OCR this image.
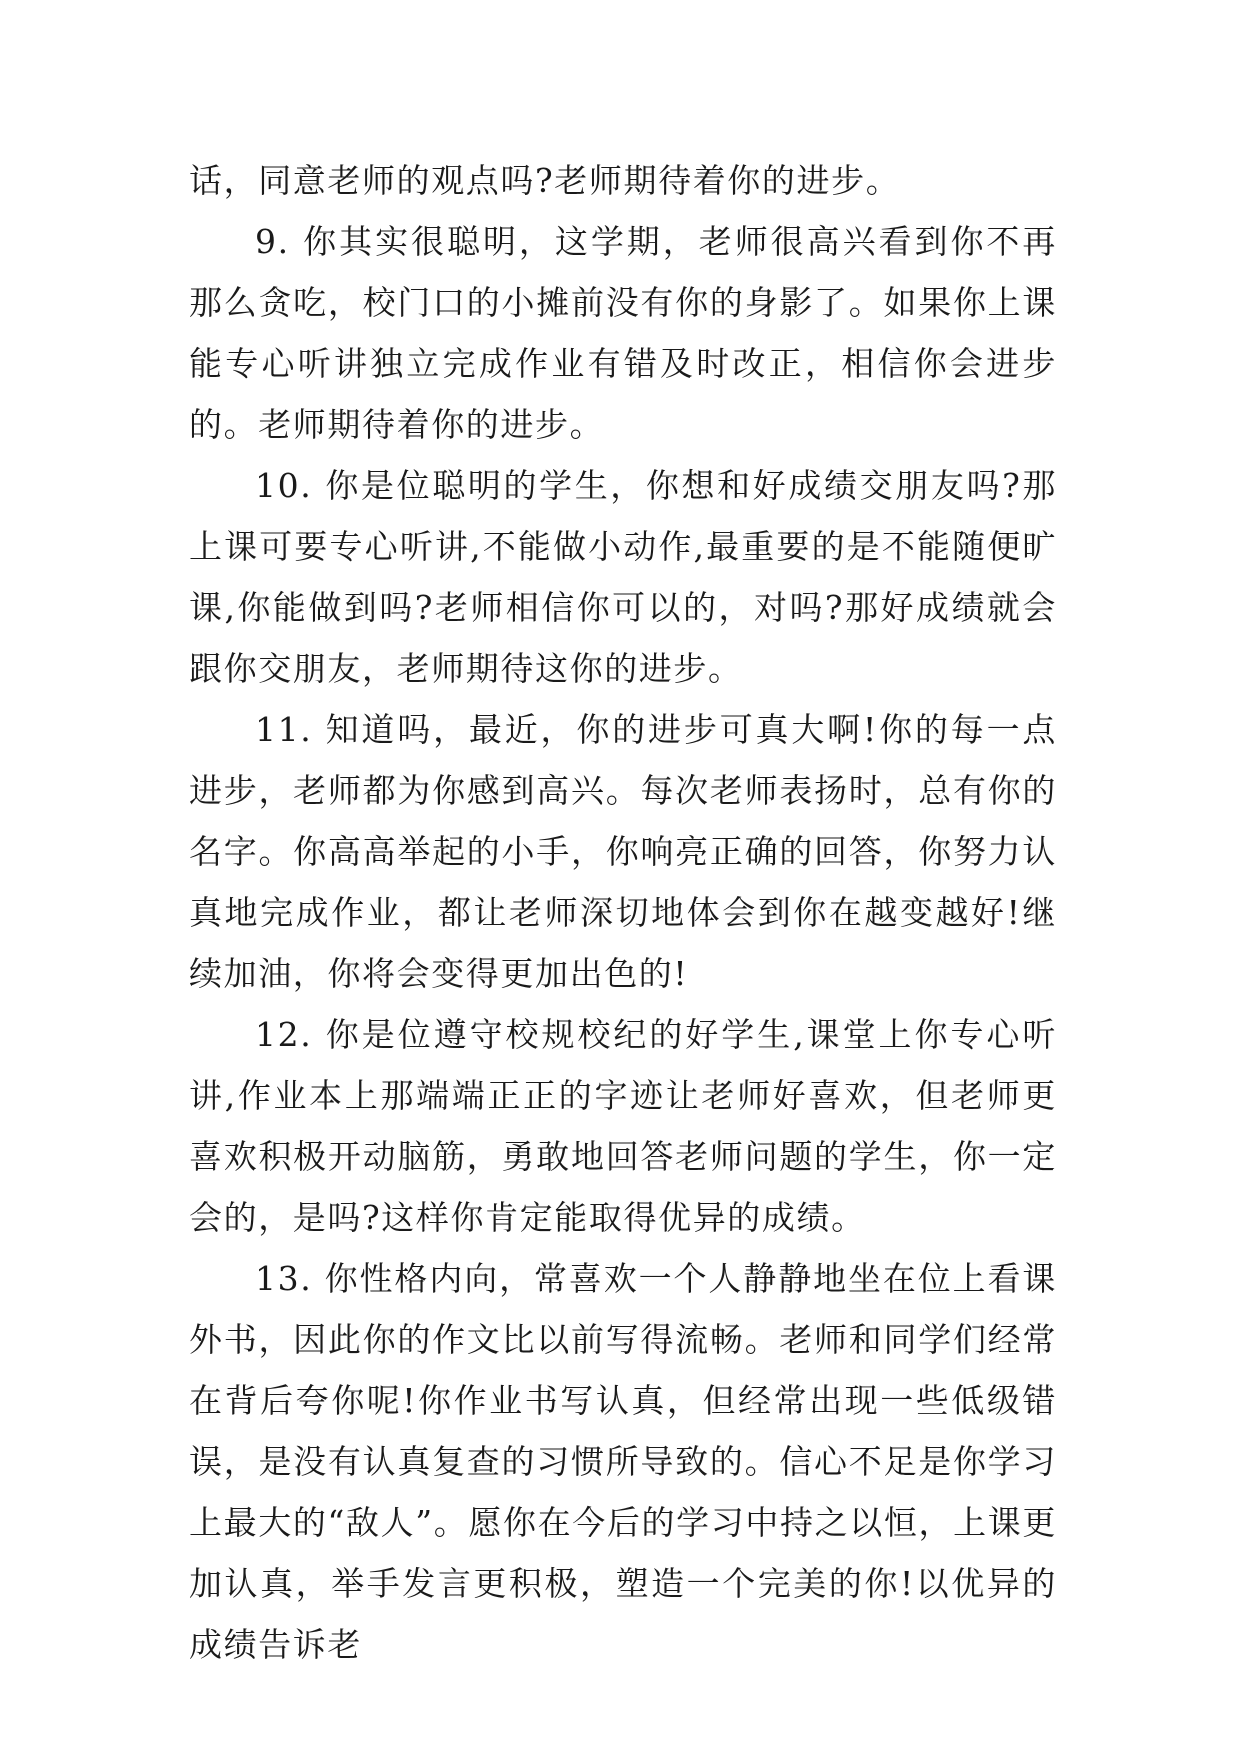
话，同意老师的观点吗?老师期待着你的进步。

9. 你其实很聪明，这学期，老师很高兴看到你不再那么贪吃，校门口的小摊前没有你的身影了。如果你上课能专心听讲独立完成作业有错及时改正，相信你会进步的。老师期待着你的进步。

10. 你是位聪明的学生，你想和好成绩交朋友吗?那上课可要专心听讲,不能做小动作,最重要的是不能随便旷课,你能做到吗?老师相信你可以的，对吗?那好成绩就会跟你交朋友，老师期待这你的进步。

11. 知道吗，最近，你的进步可真大啊!你的每一点进步，老师都为你感到高兴。每次老师表扬时，总有你的名字。你高高举起的小手，你响亮正确的回答，你努力认真地完成作业，都让老师深切地体会到你在越变越好!继续加油，你将会变得更加出色的!

12. 你是位遵守校规校纪的好学生,课堂上你专心听讲,作业本上那端端正正的字迹让老师好喜欢，但老师更喜欢积极开动脑筋，勇敢地回答老师问题的学生，你一定会的，是吗?这样你肯定能取得优异的成绩。

13. 你性格内向，常喜欢一个人静静地坐在位上看课外书，因此你的作文比以前写得流畅。老师和同学们经常在背后夸你呢!你作业书写认真，但经常出现一些低级错误，是没有认真复查的习惯所导致的。信心不足是你学习上最大的“敌人”。愿你在今后的学习中持之以恒，上课更加认真，举手发言更积极，塑造一个完美的你!以优异的成绩告诉老
